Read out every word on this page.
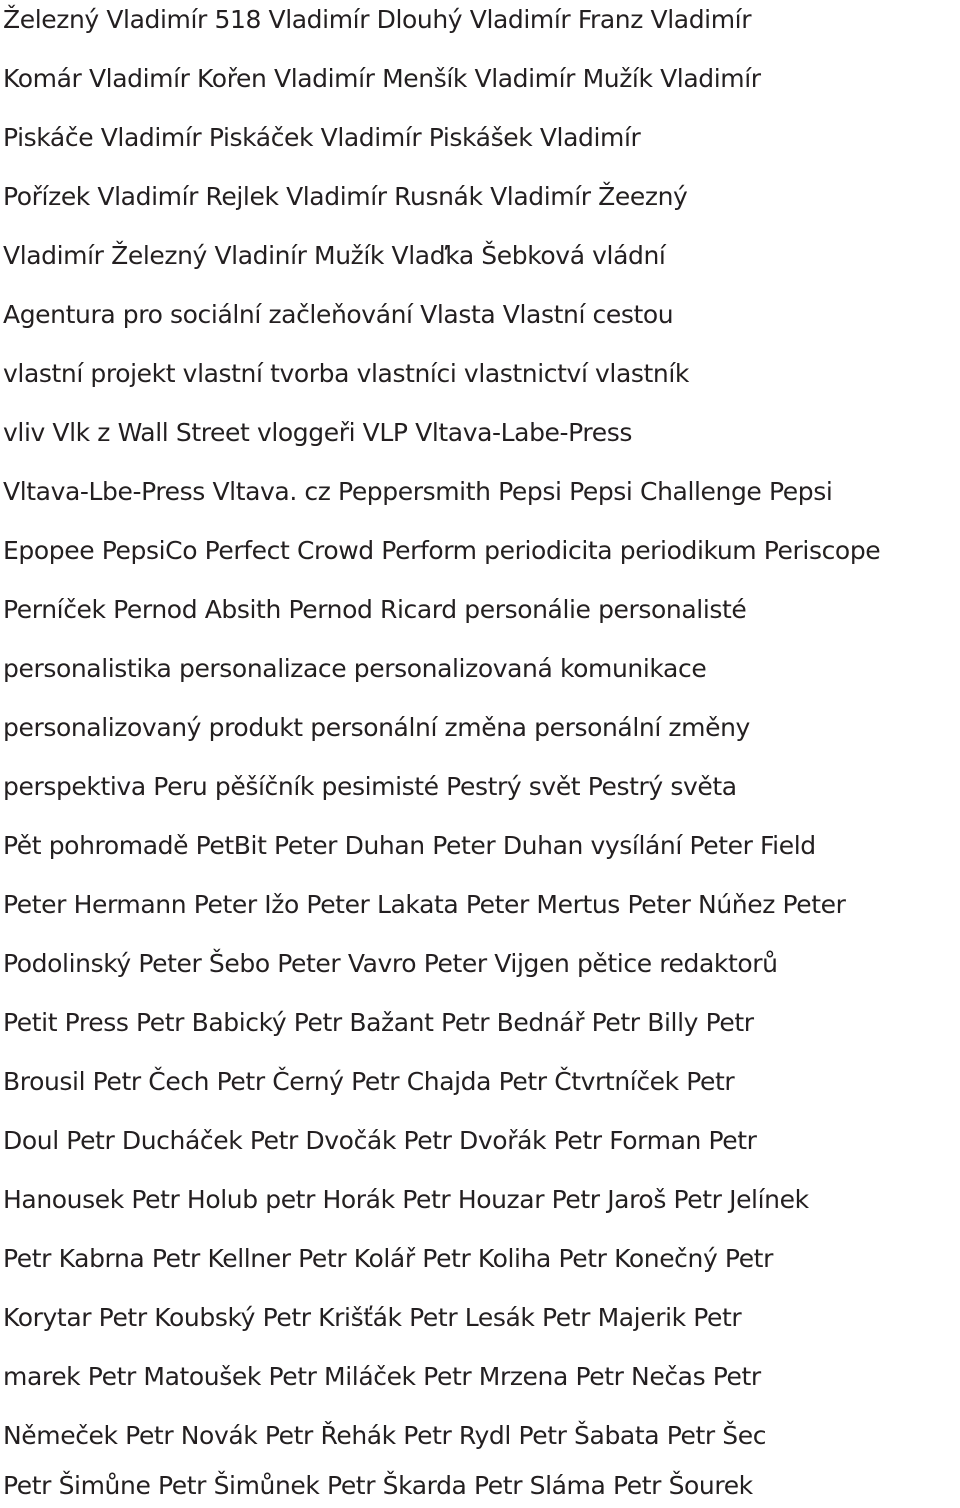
Železný Vladimír 518 Vladimír Dlouhý Vladimír Franz Vladimír
Komár Vladimír Kořen Vladimír Menšík Vladimír Mužík Vladimír
Piskáče Vladimír Piskáček Vladimír Piskášek Vladimír
Pořízek Vladimír Rejlek Vladimír Rusnák Vladimír Žeezný
Vladimír Železný Vladinír Mužík Vlaďka Šebková vládní
Agentura pro sociální začleňování Vlasta Vlastní cestou
vlastní projekt vlastní tvorba vlastníci vlastnictví vlastník
vliv Vlk z Wall Street vloggeři VLP Vltava-Labe-Press
Vltava-Lbe-Press Vltava. cz Peppersmith Pepsi Pepsi Challenge Pepsi
Epopee PepsiCo Perfect Crowd Perform periodicita periodikum Periscope
Perníček Pernod Absith Pernod Ricard personálie personalisté
personalistika personalizace personalizovaná komunikace
personalizovaný produkt personální změna personální změny
perspektiva Peru pěšíčník pesimisté Pestrý svět Pestrý světa
Pět pohromadě PetBit Peter Duhan Peter Duhan vysílání Peter Field
Peter Hermann Peter Ižo Peter Lakata Peter Mertus Peter Núňez Peter
Podolinský Peter Šebo Peter Vavro Peter Vijgen pětice redaktorů
Petit Press Petr Babický Petr Bažant Petr Bednář Petr Billy Petr
Brousil Petr Čech Petr Černý Petr Chajda Petr Čtvrtníček Petr
Doul Petr Ducháček Petr Dvočák Petr Dvořák Petr Forman Petr
Hanousek Petr Holub petr Horák Petr Houzar Petr Jaroš Petr Jelínek
Petr Kabrna Petr Kellner Petr Kolář Petr Koliha Petr Konečný Petr
Korytar Petr Koubský Petr Krišťák Petr Lesák Petr Majerik Petr
marek Petr Matoušek Petr Miláček Petr Mrzena Petr Nečas Petr
Němeček Petr Novák Petr Řehák Petr Rydl Petr Šabata Petr Šec
Petr Šimůne Petr Šimůnek Petr Škarda Petr Sláma Petr Šourek
